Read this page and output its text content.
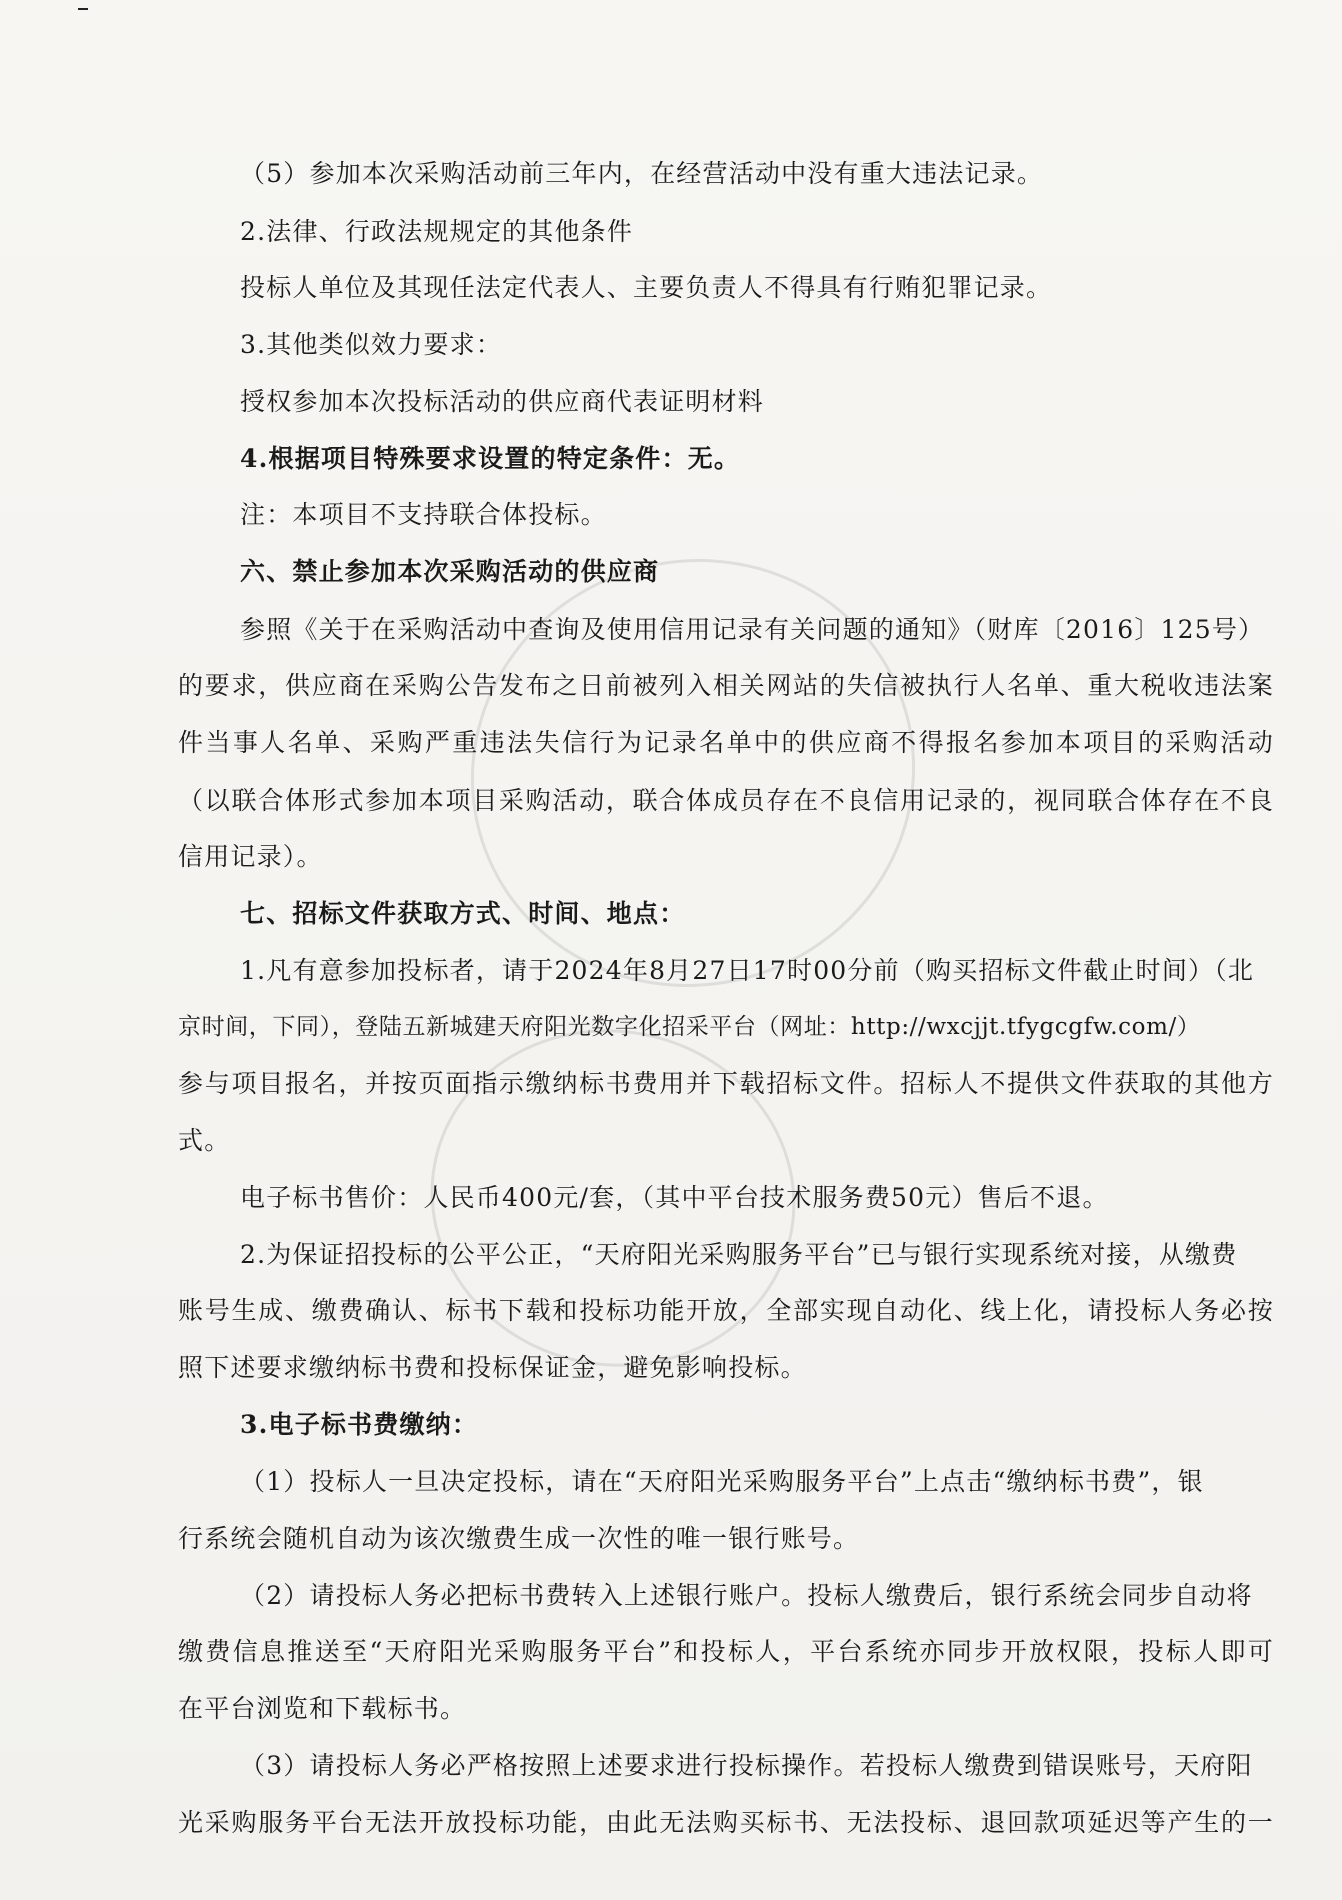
（5）参加本次采购活动前三年内，在经营活动中没有重大违法记录。
2.法律、行政法规规定的其他条件
投标人单位及其现任法定代表人、主要负责人不得具有行贿犯罪记录。
3.其他类似效力要求：
授权参加本次投标活动的供应商代表证明材料
4.根据项目特殊要求设置的特定条件：无。
注：本项目不支持联合体投标。
六、禁止参加本次采购活动的供应商
参照《关于在采购活动中查询及使用信用记录有关问题的通知》（财库〔2016〕125号）
的要求，供应商在采购公告发布之日前被列入相关网站的失信被执行人名单、重大税收违法案
件当事人名单、采购严重违法失信行为记录名单中的供应商不得报名参加本项目的采购活动
（以联合体形式参加本项目采购活动，联合体成员存在不良信用记录的，视同联合体存在不良
信用记录）。
七、招标文件获取方式、时间、地点：
1.凡有意参加投标者，请于2024年8月27日17时00分前（购买招标文件截止时间）（北
京时间，下同），登陆五新城建天府阳光数字化招采平台（网址：http://wxcjjt.tfygcgfw.com/）
参与项目报名，并按页面指示缴纳标书费用并下载招标文件。招标人不提供文件获取的其他方
式。
电子标书售价：人民币400元/套，（其中平台技术服务费50元）售后不退。
2.为保证招投标的公平公正，“天府阳光采购服务平台”已与银行实现系统对接，从缴费
账号生成、缴费确认、标书下载和投标功能开放，全部实现自动化、线上化，请投标人务必按
照下述要求缴纳标书费和投标保证金，避免影响投标。
3.电子标书费缴纳：
（1）投标人一旦决定投标，请在“天府阳光采购服务平台”上点击“缴纳标书费”，银
行系统会随机自动为该次缴费生成一次性的唯一银行账号。
（2）请投标人务必把标书费转入上述银行账户。投标人缴费后，银行系统会同步自动将
缴费信息推送至“天府阳光采购服务平台”和投标人，平台系统亦同步开放权限，投标人即可
在平台浏览和下载标书。
（3）请投标人务必严格按照上述要求进行投标操作。若投标人缴费到错误账号，天府阳
光采购服务平台无法开放投标功能，由此无法购买标书、无法投标、退回款项延迟等产生的一
